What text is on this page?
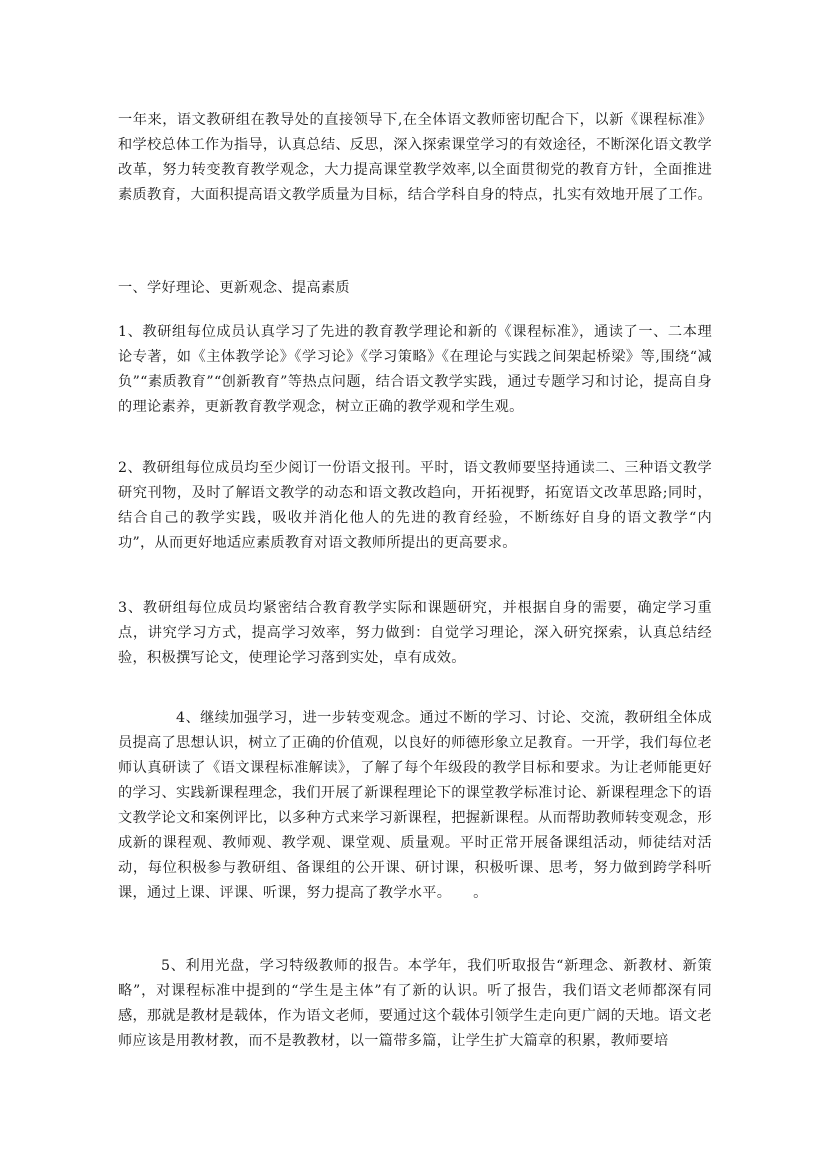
一年来，语文教研组在教导处的直接领导下,在全体语文教师密切配合下，以新《课程标准》和学校总体工作为指导，认真总结、反思，深入探索课堂学习的有效途径，不断深化语文教学改革，努力转变教育教学观念，大力提高课堂教学效率,以全面贯彻党的教育方针，全面推进素质教育，大面积提高语文教学质量为目标，结合学科自身的特点，扎实有效地开展了工作。

一、学好理论、更新观念、提高素质

1、教研组每位成员认真学习了先进的教育教学理论和新的《课程标准》，通读了一、二本理论专著，如《主体教学论》《学习论》《学习策略》《在理论与实践之间架起桥梁》等,围绕“减负”“素质教育”“创新教育”等热点问题，结合语文教学实践，通过专题学习和讨论，提高自身的理论素养，更新教育教学观念，树立正确的教学观和学生观。

2、教研组每位成员均至少阅订一份语文报刊。平时，语文教师要坚持通读二、三种语文教学研究刊物，及时了解语文教学的动态和语文教改趋向，开拓视野，拓宽语文改革思路;同时，结合自己的教学实践，吸收并消化他人的先进的教育经验，不断练好自身的语文教学“内功”，从而更好地适应素质教育对语文教师所提出的更高要求。

3、教研组每位成员均紧密结合教育教学实际和课题研究，并根据自身的需要，确定学习重点，讲究学习方式，提高学习效率，努力做到：自觉学习理论，深入研究探索，认真总结经验，积极撰写论文，使理论学习落到实处，卓有成效。

4、继续加强学习，进一步转变观念。通过不断的学习、讨论、交流，教研组全体成员提高了思想认识，树立了正确的价值观，以良好的师德形象立足教育。一开学，我们每位老师认真研读了《语文课程标准解读》，了解了每个年级段的教学目标和要求。为让老师能更好的学习、实践新课程理念，我们开展了新课程理论下的课堂教学标准讨论、新课程理念下的语文教学论文和案例评比，以多种方式来学习新课程，把握新课程。从而帮助教师转变观念，形成新的课程观、教师观、教学观、课堂观、质量观。平时正常开展备课组活动，师徒结对活动，每位积极参与教研组、备课组的公开课、研讨课，积极听课、思考，努力做到跨学科听课，通过上课、评课、听课，努力提高了教学水平。　　。

5、利用光盘，学习特级教师的报告。本学年，我们听取报告“新理念、新教材、新策略”，对课程标准中提到的“学生是主体”有了新的认识。听了报告，我们语文老师都深有同感，那就是教材是载体，作为语文老师，要通过这个载体引领学生走向更广阔的天地。语文老师应该是用教材教，而不是教教材，以一篇带多篇，让学生扩大篇章的积累，教师要培
